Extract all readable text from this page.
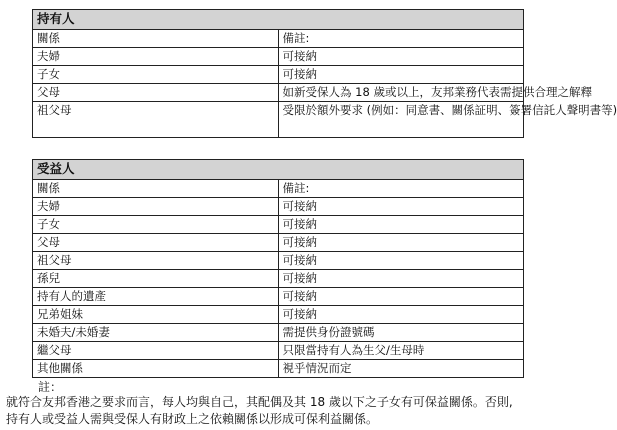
持有人	
關係	備註:
夫婦	可接納
子女	可接納
父母	如新受保人為 18 歲或以上，友邦業務代表需提供合理之解釋
祖父母	受限於額外要求 (例如：同意書、關係証明、簽署信託人聲明書等)
受益人	
關係	備註:
夫婦	可接納
子女	可接納
父母	可接納
祖父母	可接納
孫兒	可接納
持有人的遺產	可接納
兄弟姐妹	可接納
未婚夫/未婚妻	需提供身份證號碼
繼父母	只限當持有人為生父/生母時
其他關係	視乎情況而定
註：
就符合友邦香港之要求而言，每人均與自己，其配偶及其 18 歲以下之子女有可保益關係。否則,
持有人或受益人需與受保人有財政上之依賴關係以形成可保利益關係。
